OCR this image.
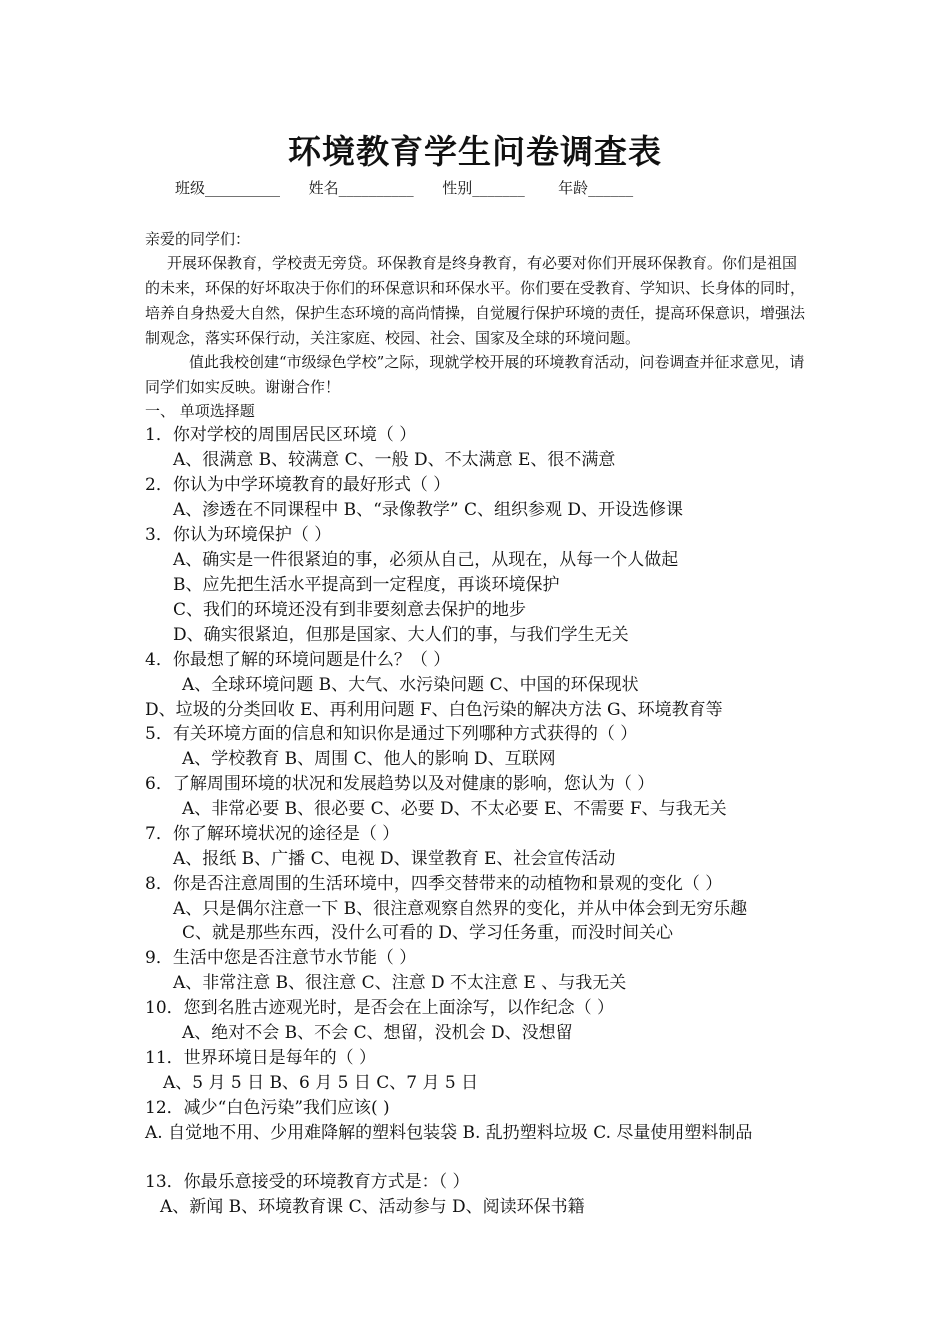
环境教育学生问卷调查表
班级__________      姓名__________      性别_______       年龄______
亲爱的同学们：
开展环保教育，学校责无旁贷。环保教育是终身教育，有必要对你们开展环保教育。你们是祖国的未来，环保的好坏取决于你们的环保意识和环保水平。你们要在受教育、学知识、长身体的同时，培养自身热爱大自然，保护生态环境的高尚情操，自觉履行保护环境的责任，提高环保意识，增强法制观念，落实环保行动，关注家庭、校园、社会、国家及全球的环境问题。
值此我校创建“市级绿色学校”之际，现就学校开展的环境教育活动，问卷调查并征求意见，请同学们如实反映。谢谢合作！
一、 单项选择题
1．你对学校的周围居民区环境（ ）
A、很满意 B、较满意 C、一般 D、不太满意 E、很不满意
2．你认为中学环境教育的最好形式（ ）
A、渗透在不同课程中 B、“录像教学” C、组织参观 D、开设选修课
3．你认为环境保护（ ）
A、确实是一件很紧迫的事，必须从自己，从现在，从每一个人做起
B、应先把生活水平提高到一定程度，再谈环境保护
C、我们的环境还没有到非要刻意去保护的地步
D、确实很紧迫，但那是国家、大人们的事，与我们学生无关
4．你最想了解的环境问题是什么？（ ）
A、全球环境问题 B、大气、水污染问题 C、中国的环保现状
D、垃圾的分类回收 E、再利用问题 F、白色污染的解决方法 G、环境教育等
5．有关环境方面的信息和知识你是通过下列哪种方式获得的（ ）
A、学校教育 B、周围 C、他人的影响 D、互联网
6．了解周围环境的状况和发展趋势以及对健康的影响，您认为（ ）
A、非常必要 B、很必要 C、必要 D、不太必要 E、不需要 F、与我无关
7．你了解环境状况的途径是（ ）
A、报纸 B、广播 C、电视 D、课堂教育 E、社会宣传活动
8．你是否注意周围的生活环境中，四季交替带来的动植物和景观的变化（ ）
A、只是偶尔注意一下 B、很注意观察自然界的变化，并从中体会到无穷乐趣
C、就是那些东西，没什么可看的 D、学习任务重，而没时间关心
9．生活中您是否注意节水节能（ ）
A、非常注意 B、很注意 C、注意 D 不太注意 E 、与我无关
10．您到名胜古迹观光时，是否会在上面涂写，以作纪念（ ）
A、绝对不会 B、不会 C、想留，没机会 D、没想留
11．世界环境日是每年的（ ）
A、5 月 5 日 B、6 月 5 日 C、7 月 5 日
12．减少“白色污染”我们应该( )
A. 自觉地不用、少用难降解的塑料包装袋 B. 乱扔塑料垃圾 C. 尽量使用塑料制品
13．你最乐意接受的环境教育方式是：（ ）
A、新闻 B、环境教育课 C、活动参与 D、阅读环保书籍
